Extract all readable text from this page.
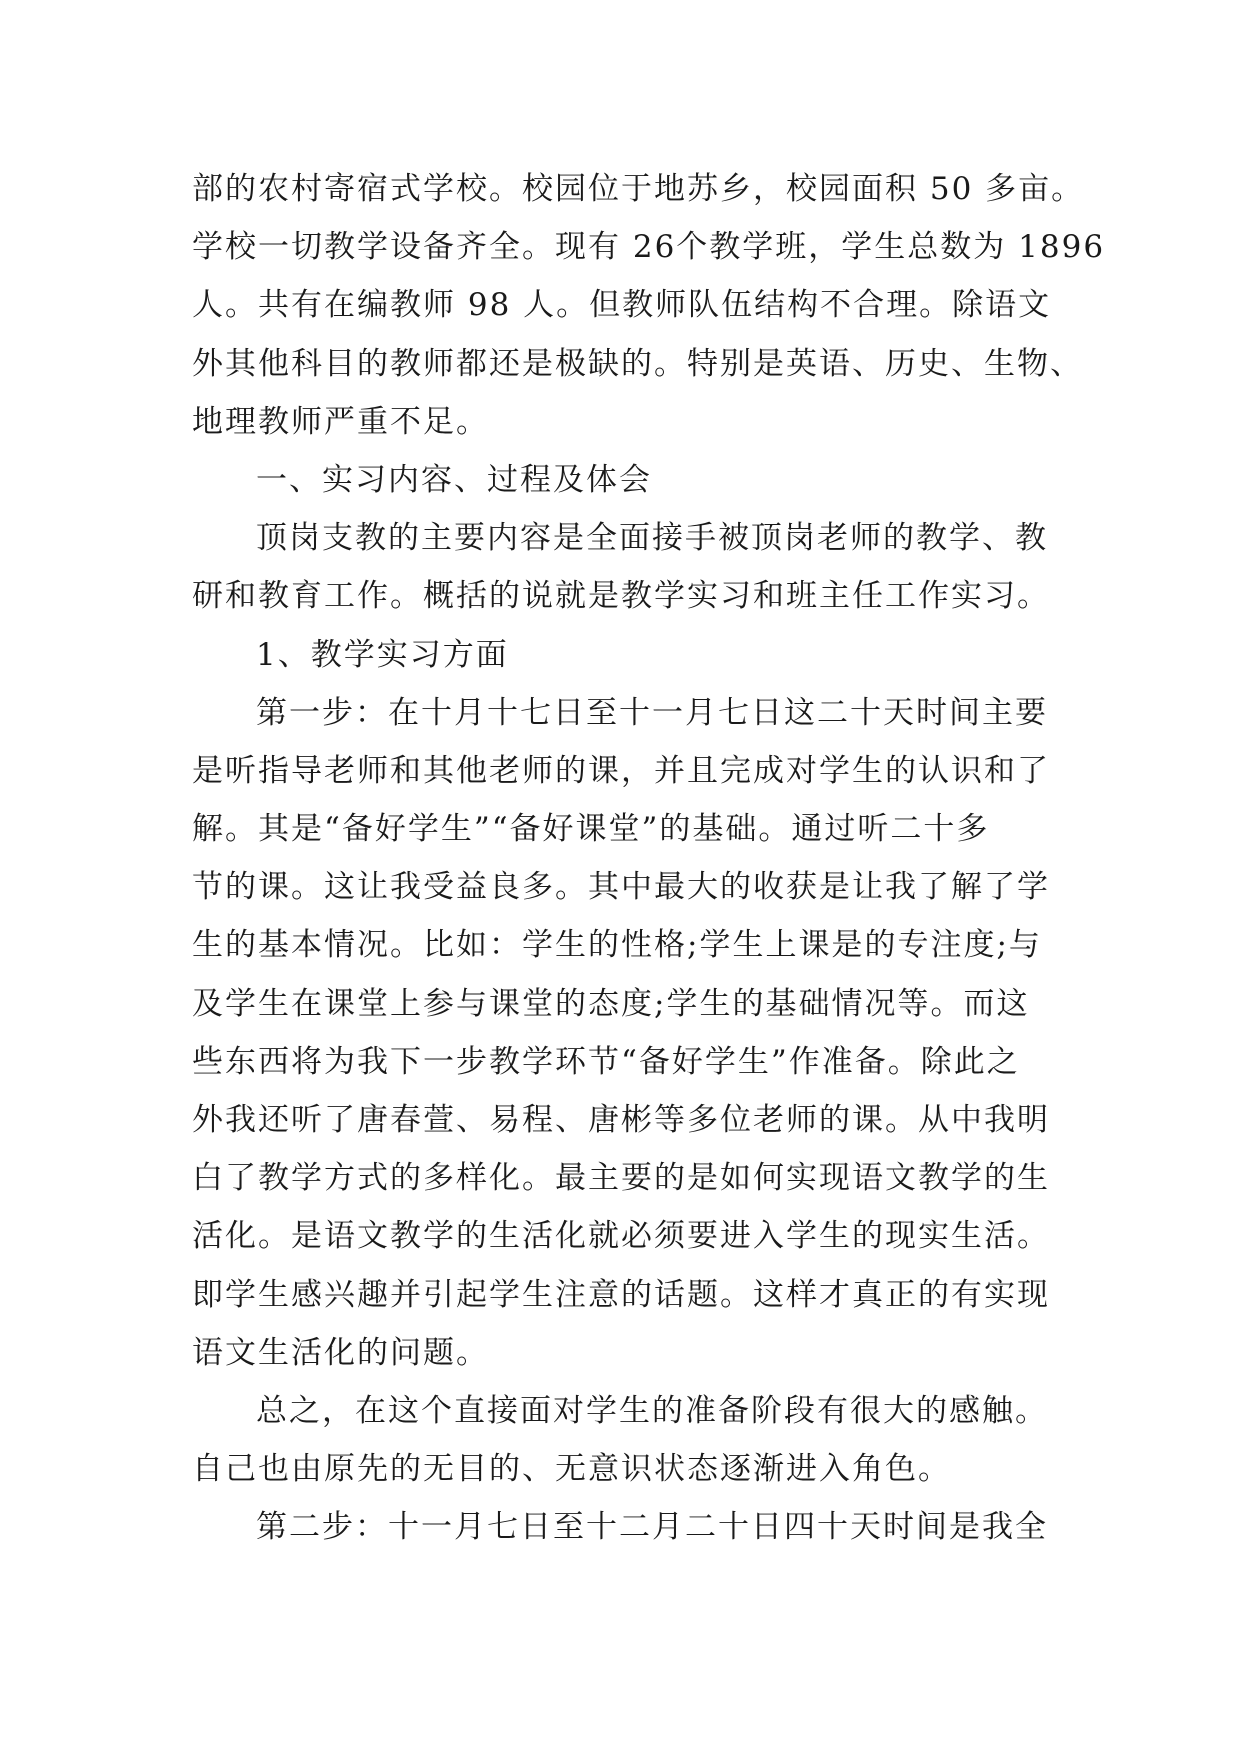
部的农村寄宿式学校。校园位于地苏乡，校园面积 50 多亩。
学校一切教学设备齐全。现有 26个教学班，学生总数为 1896
人。共有在编教师 98 人。但教师队伍结构不合理。除语文
外其他科目的教师都还是极缺的。特别是英语、历史、生物、
地理教师严重不足。
一、实习内容、过程及体会
顶岗支教的主要内容是全面接手被顶岗老师的教学、教
研和教育工作。概括的说就是教学实习和班主任工作实习。
1、教学实习方面
第一步：在十月十七日至十一月七日这二十天时间主要
是听指导老师和其他老师的课，并且完成对学生的认识和了
解。其是“备好学生”“备好课堂”的基础。通过听二十多
节的课。这让我受益良多。其中最大的收获是让我了解了学
生的基本情况。比如：学生的性格;学生上课是的专注度;与
及学生在课堂上参与课堂的态度;学生的基础情况等。而这
些东西将为我下一步教学环节“备好学生”作准备。除此之
外我还听了唐春萱、易程、唐彬等多位老师的课。从中我明
白了教学方式的多样化。最主要的是如何实现语文教学的生
活化。是语文教学的生活化就必须要进入学生的现实生活。
即学生感兴趣并引起学生注意的话题。这样才真正的有实现
语文生活化的问题。
总之，在这个直接面对学生的准备阶段有很大的感触。
自己也由原先的无目的、无意识状态逐渐进入角色。
第二步：十一月七日至十二月二十日四十天时间是我全
